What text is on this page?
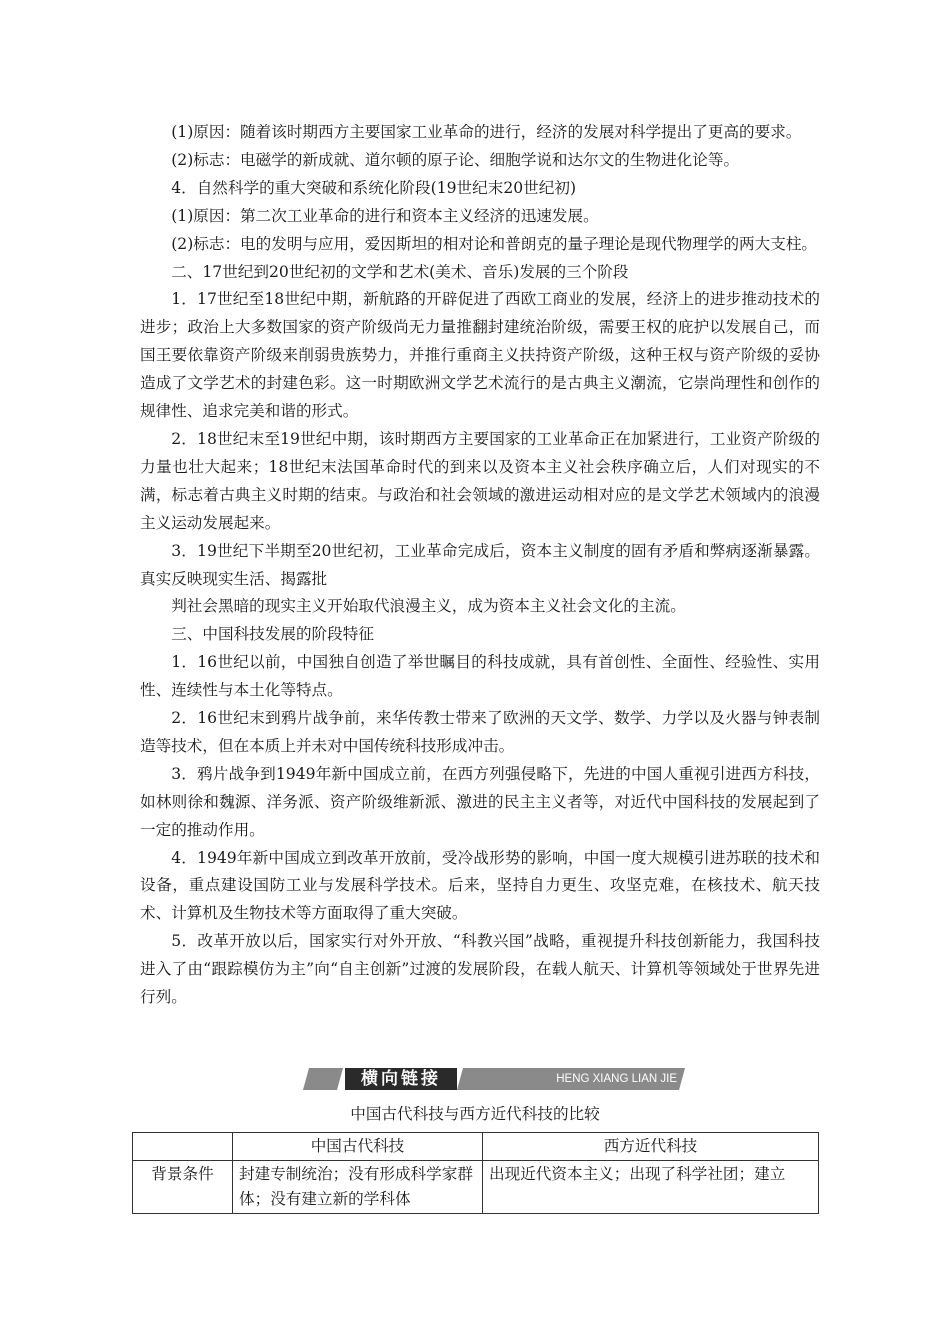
(1)原因：随着该时期西方主要国家工业革命的进行，经济的发展对科学提出了更高的要求。

(2)标志：电磁学的新成就、道尔顿的原子论、细胞学说和达尔文的生物进化论等。

4．自然科学的重大突破和系统化阶段(19世纪末20世纪初)

(1)原因：第二次工业革命的进行和资本主义经济的迅速发展。

(2)标志：电的发明与应用，爱因斯坦的相对论和普朗克的量子理论是现代物理学的两大支柱。

二、17世纪到20世纪初的文学和艺术(美术、音乐)发展的三个阶段

1．17世纪至18世纪中期，新航路的开辟促进了西欧工商业的发展，经济上的进步推动技术的进步；政治上大多数国家的资产阶级尚无力量推翻封建统治阶级，需要王权的庇护以发展自己，而国王要依靠资产阶级来削弱贵族势力，并推行重商主义扶持资产阶级，这种王权与资产阶级的妥协造成了文学艺术的封建色彩。这一时期欧洲文学艺术流行的是古典主义潮流，它崇尚理性和创作的规律性、追求完美和谐的形式。

2．18世纪末至19世纪中期，该时期西方主要国家的工业革命正在加紧进行，工业资产阶级的力量也壮大起来；18世纪末法国革命时代的到来以及资本主义社会秩序确立后，人们对现实的不满，标志着古典主义时期的结束。与政治和社会领域的激进运动相对应的是文学艺术领域内的浪漫主义运动发展起来。

3．19世纪下半期至20世纪初，工业革命完成后，资本主义制度的固有矛盾和弊病逐渐暴露。真实反映现实生活、揭露批

判社会黑暗的现实主义开始取代浪漫主义，成为资本主义社会文化的主流。

三、中国科技发展的阶段特征

1．16世纪以前，中国独自创造了举世瞩目的科技成就，具有首创性、全面性、经验性、实用性、连续性与本土化等特点。

2．16世纪末到鸦片战争前，来华传教士带来了欧洲的天文学、数学、力学以及火器与钟表制造等技术，但在本质上并未对中国传统科技形成冲击。

3．鸦片战争到1949年新中国成立前，在西方列强侵略下，先进的中国人重视引进西方科技，如林则徐和魏源、洋务派、资产阶级维新派、激进的民主主义者等，对近代中国科技的发展起到了一定的推动作用。

4．1949年新中国成立到改革开放前，受冷战形势的影响，中国一度大规模引进苏联的技术和设备，重点建设国防工业与发展科学技术。后来，坚持自力更生、攻坚克难，在核技术、航天技术、计算机及生物技术等方面取得了重大突破。

5．改革开放以后，国家实行对外开放、“科教兴国”战略，重视提升科技创新能力，我国科技进入了由“跟踪模仿为主”向“自主创新”过渡的发展阶段，在载人航天、计算机等领域处于世界先进行列。

横向链接	HENG XIANG LIAN JIE
中国古代科技与西方近代科技的比较
	中国古代科技	西方近代科技
背景条件	封建专制统治；没有形成科学家群体；没有建立新的学科体	出现近代资本主义；出现了科学社团；建立
